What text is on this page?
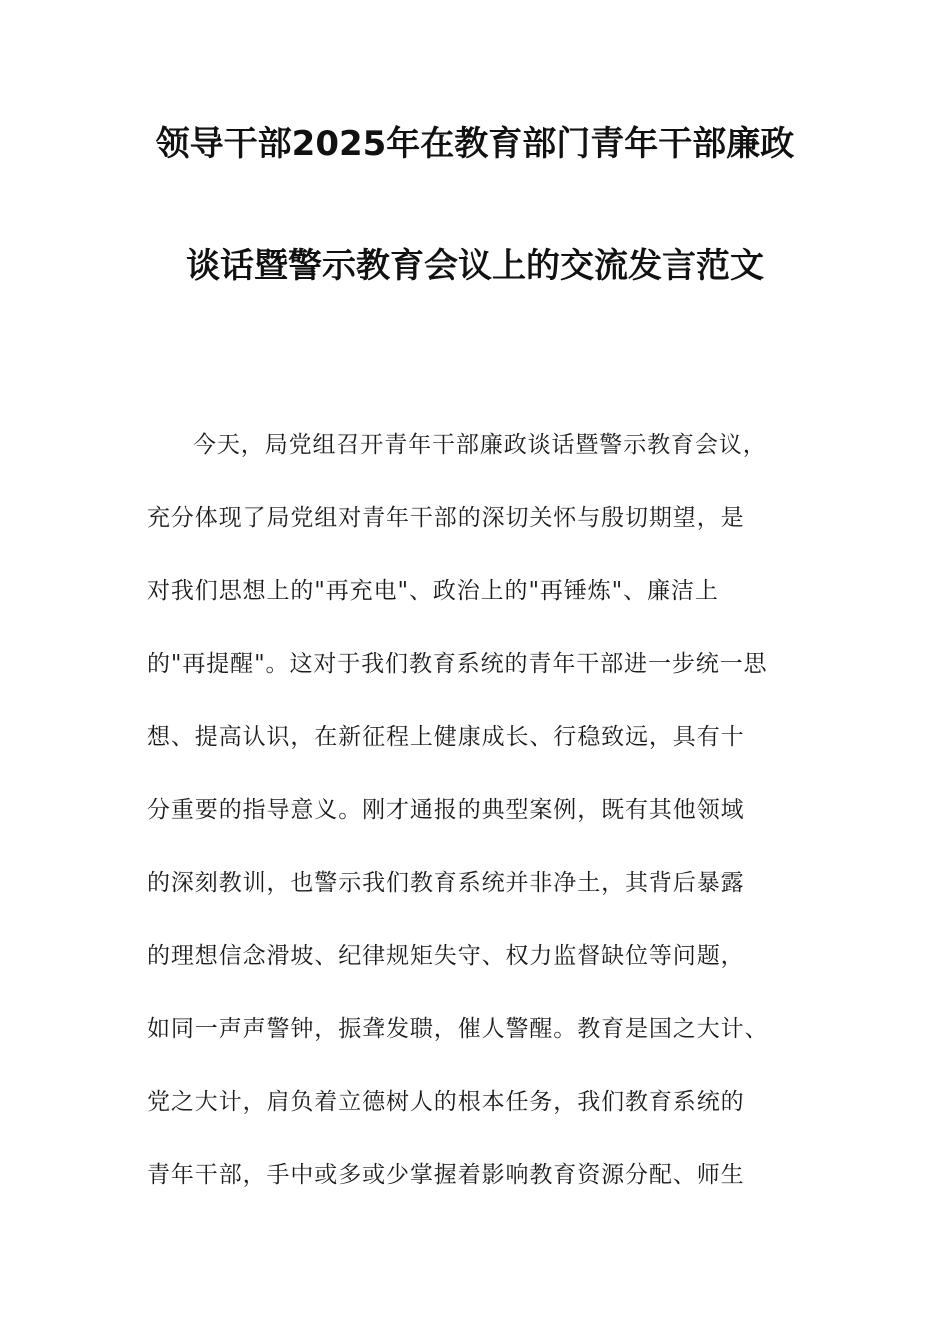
领导干部2025年在教育部门青年干部廉政
谈话暨警示教育会议上的交流发言范文
今天，局党组召开青年干部廉政谈话暨警示教育会议，
充分体现了局党组对青年干部的深切关怀与殷切期望，是
对我们思想上的"再充电"、政治上的"再锤炼"、廉洁上
的"再提醒"。这对于我们教育系统的青年干部进一步统一思
想、提高认识，在新征程上健康成长、行稳致远，具有十
分重要的指导意义。刚才通报的典型案例，既有其他领域
的深刻教训，也警示我们教育系统并非净土，其背后暴露
的理想信念滑坡、纪律规矩失守、权力监督缺位等问题，
如同一声声警钟，振聋发聩，催人警醒。教育是国之大计、
党之大计，肩负着立德树人的根本任务，我们教育系统的
青年干部，手中或多或少掌握着影响教育资源分配、师生
